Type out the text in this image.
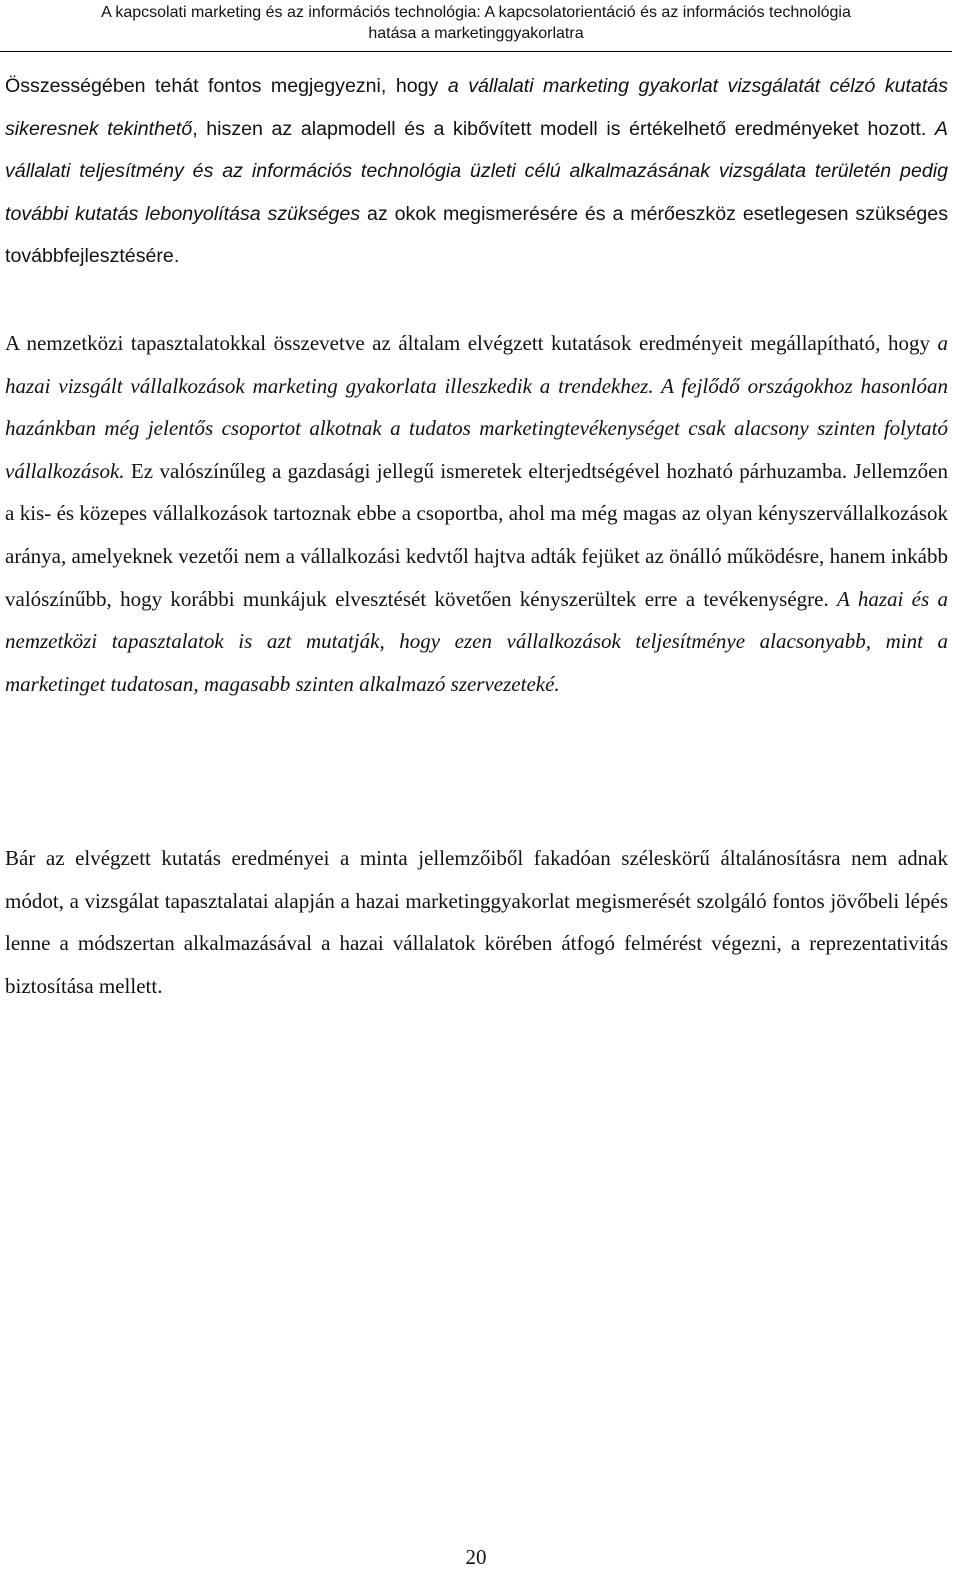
A kapcsolati marketing és az információs technológia: A kapcsolatorientáció és az információs technológia
hatása a marketinggyakorlatra

Összességében tehát fontos megjegyezni, hogy a vállalati marketing gyakorlat vizsgálatát célzó kutatás sikeresnek tekinthető, hiszen az alapmodell és a kibővített modell is értékelhető eredményeket hozott. A vállalati teljesítmény és az információs technológia üzleti célú alkalmazásának vizsgálata területén pedig további kutatás lebonyolítása szükséges az okok megismerésére és a mérőeszköz esetlegesen szükséges továbbfejlesztésére.

A nemzetközi tapasztalatokkal összevetve az általam elvégzett kutatások eredményeit megállapítható, hogy a hazai vizsgált vállalkozások marketing gyakorlata illeszkedik a trendekhez. A fejlődő országokhoz hasonlóan hazánkban még jelentős csoportot alkotnak a tudatos marketingtevékenységet csak alacsony szinten folytató vállalkozások. Ez valószínűleg a gazdasági jellegű ismeretek elterjedtségével hozható párhuzamba. Jellemzően a kis- és közepes vállalkozások tartoznak ebbe a csoportba, ahol ma még magas az olyan kényszervállalkozások aránya, amelyeknek vezetői nem a vállalkozási kedvtől hajtva adták fejüket az önálló működésre, hanem inkább valószínűbb, hogy korábbi munkájuk elvesztését követően kényszerültek erre a tevékenységre. A hazai és a nemzetközi tapasztalatok is azt mutatják, hogy ezen vállalkozások teljesítménye alacsonyabb, mint a marketinget tudatosan, magasabb szinten alkalmazó szervezeteké.

Bár az elvégzett kutatás eredményei a minta jellemzőiből fakadóan széleskörű általánosításra nem adnak módot, a vizsgálat tapasztalatai alapján a hazai marketinggyakorlat megismerését szolgáló fontos jövőbeli lépés lenne a módszertan alkalmazásával a hazai vállalatok körében átfogó felmérést végezni, a reprezentativitás biztosítása mellett.

20
